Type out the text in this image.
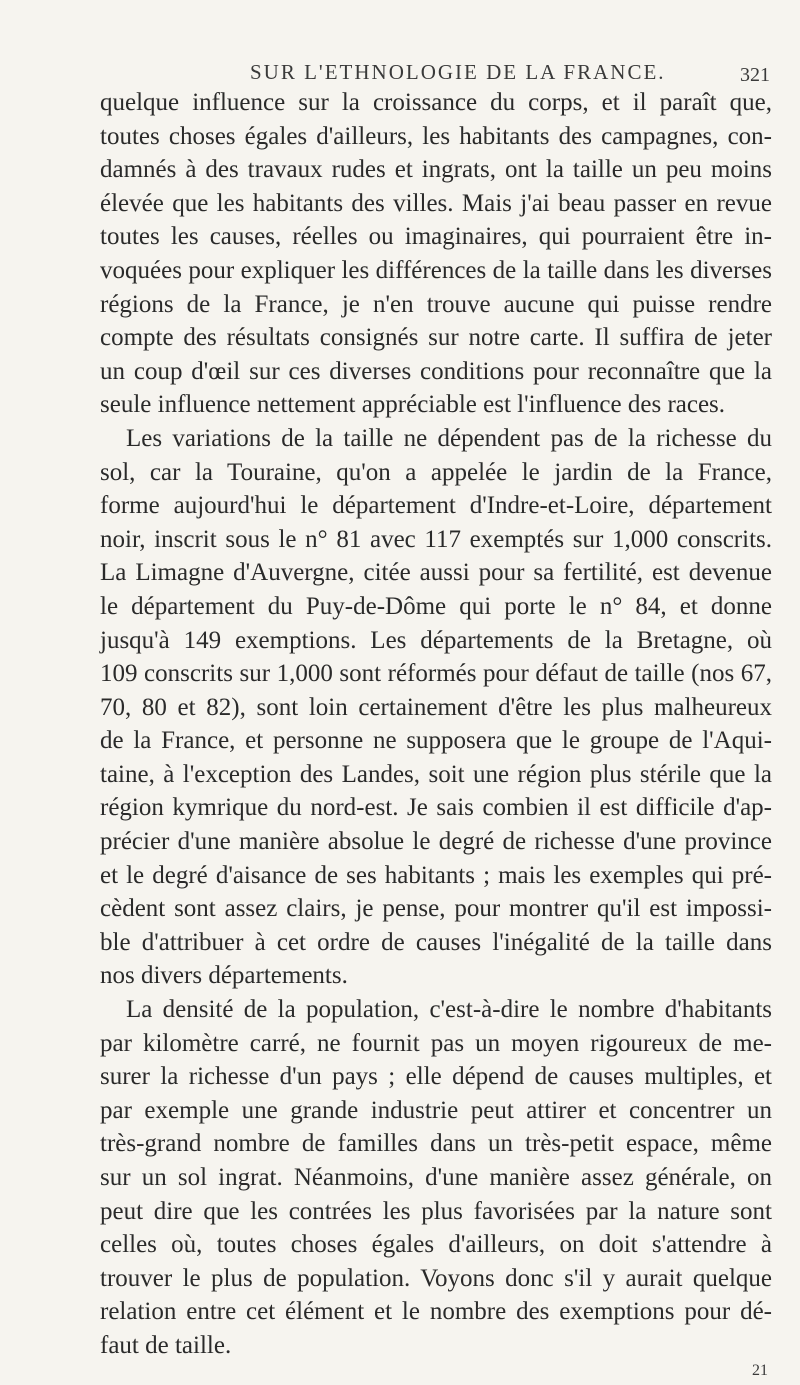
SUR L'ETHNOLOGIE DE LA FRANCE.	321
quelque influence sur la croissance du corps, et il paraît que,
toutes choses égales d'ailleurs, les habitants des campagnes, con-
damnés à des travaux rudes et ingrats, ont la taille un peu moins
élevée que les habitants des villes. Mais j'ai beau passer en revue
toutes les causes, réelles ou imaginaires, qui pourraient être in-
voquées pour expliquer les différences de la taille dans les diverses
régions de la France, je n'en trouve aucune qui puisse rendre
compte des résultats consignés sur notre carte. Il suffira de jeter
un coup d'œil sur ces diverses conditions pour reconnaître que la
seule influence nettement appréciable est l'influence des races.
Les variations de la taille ne dépendent pas de la richesse du
sol, car la Touraine, qu'on a appelée le jardin de la France,
forme aujourd'hui le département d'Indre-et-Loire, département
noir, inscrit sous le n° 81 avec 117 exemptés sur 1,000 conscrits.
La Limagne d'Auvergne, citée aussi pour sa fertilité, est devenue
le département du Puy-de-Dôme qui porte le n° 84, et donne
jusqu'à 149 exemptions. Les départements de la Bretagne, où
109 conscrits sur 1,000 sont réformés pour défaut de taille (nos 67,
70, 80 et 82), sont loin certainement d'être les plus malheureux
de la France, et personne ne supposera que le groupe de l'Aqui-
taine, à l'exception des Landes, soit une région plus stérile que la
région kymrique du nord-est. Je sais combien il est difficile d'ap-
précier d'une manière absolue le degré de richesse d'une province
et le degré d'aisance de ses habitants ; mais les exemples qui pré-
cèdent sont assez clairs, je pense, pour montrer qu'il est impossi-
ble d'attribuer à cet ordre de causes l'inégalité de la taille dans
nos divers départements.
La densité de la population, c'est-à-dire le nombre d'habitants
par kilomètre carré, ne fournit pas un moyen rigoureux de me-
surer la richesse d'un pays ; elle dépend de causes multiples, et
par exemple une grande industrie peut attirer et concentrer un
très-grand nombre de familles dans un très-petit espace, même
sur un sol ingrat. Néanmoins, d'une manière assez générale, on
peut dire que les contrées les plus favorisées par la nature sont
celles où, toutes choses égales d'ailleurs, on doit s'attendre à
trouver le plus de population. Voyons donc s'il y aurait quelque
relation entre cet élément et le nombre des exemptions pour dé-
faut de taille.
21
